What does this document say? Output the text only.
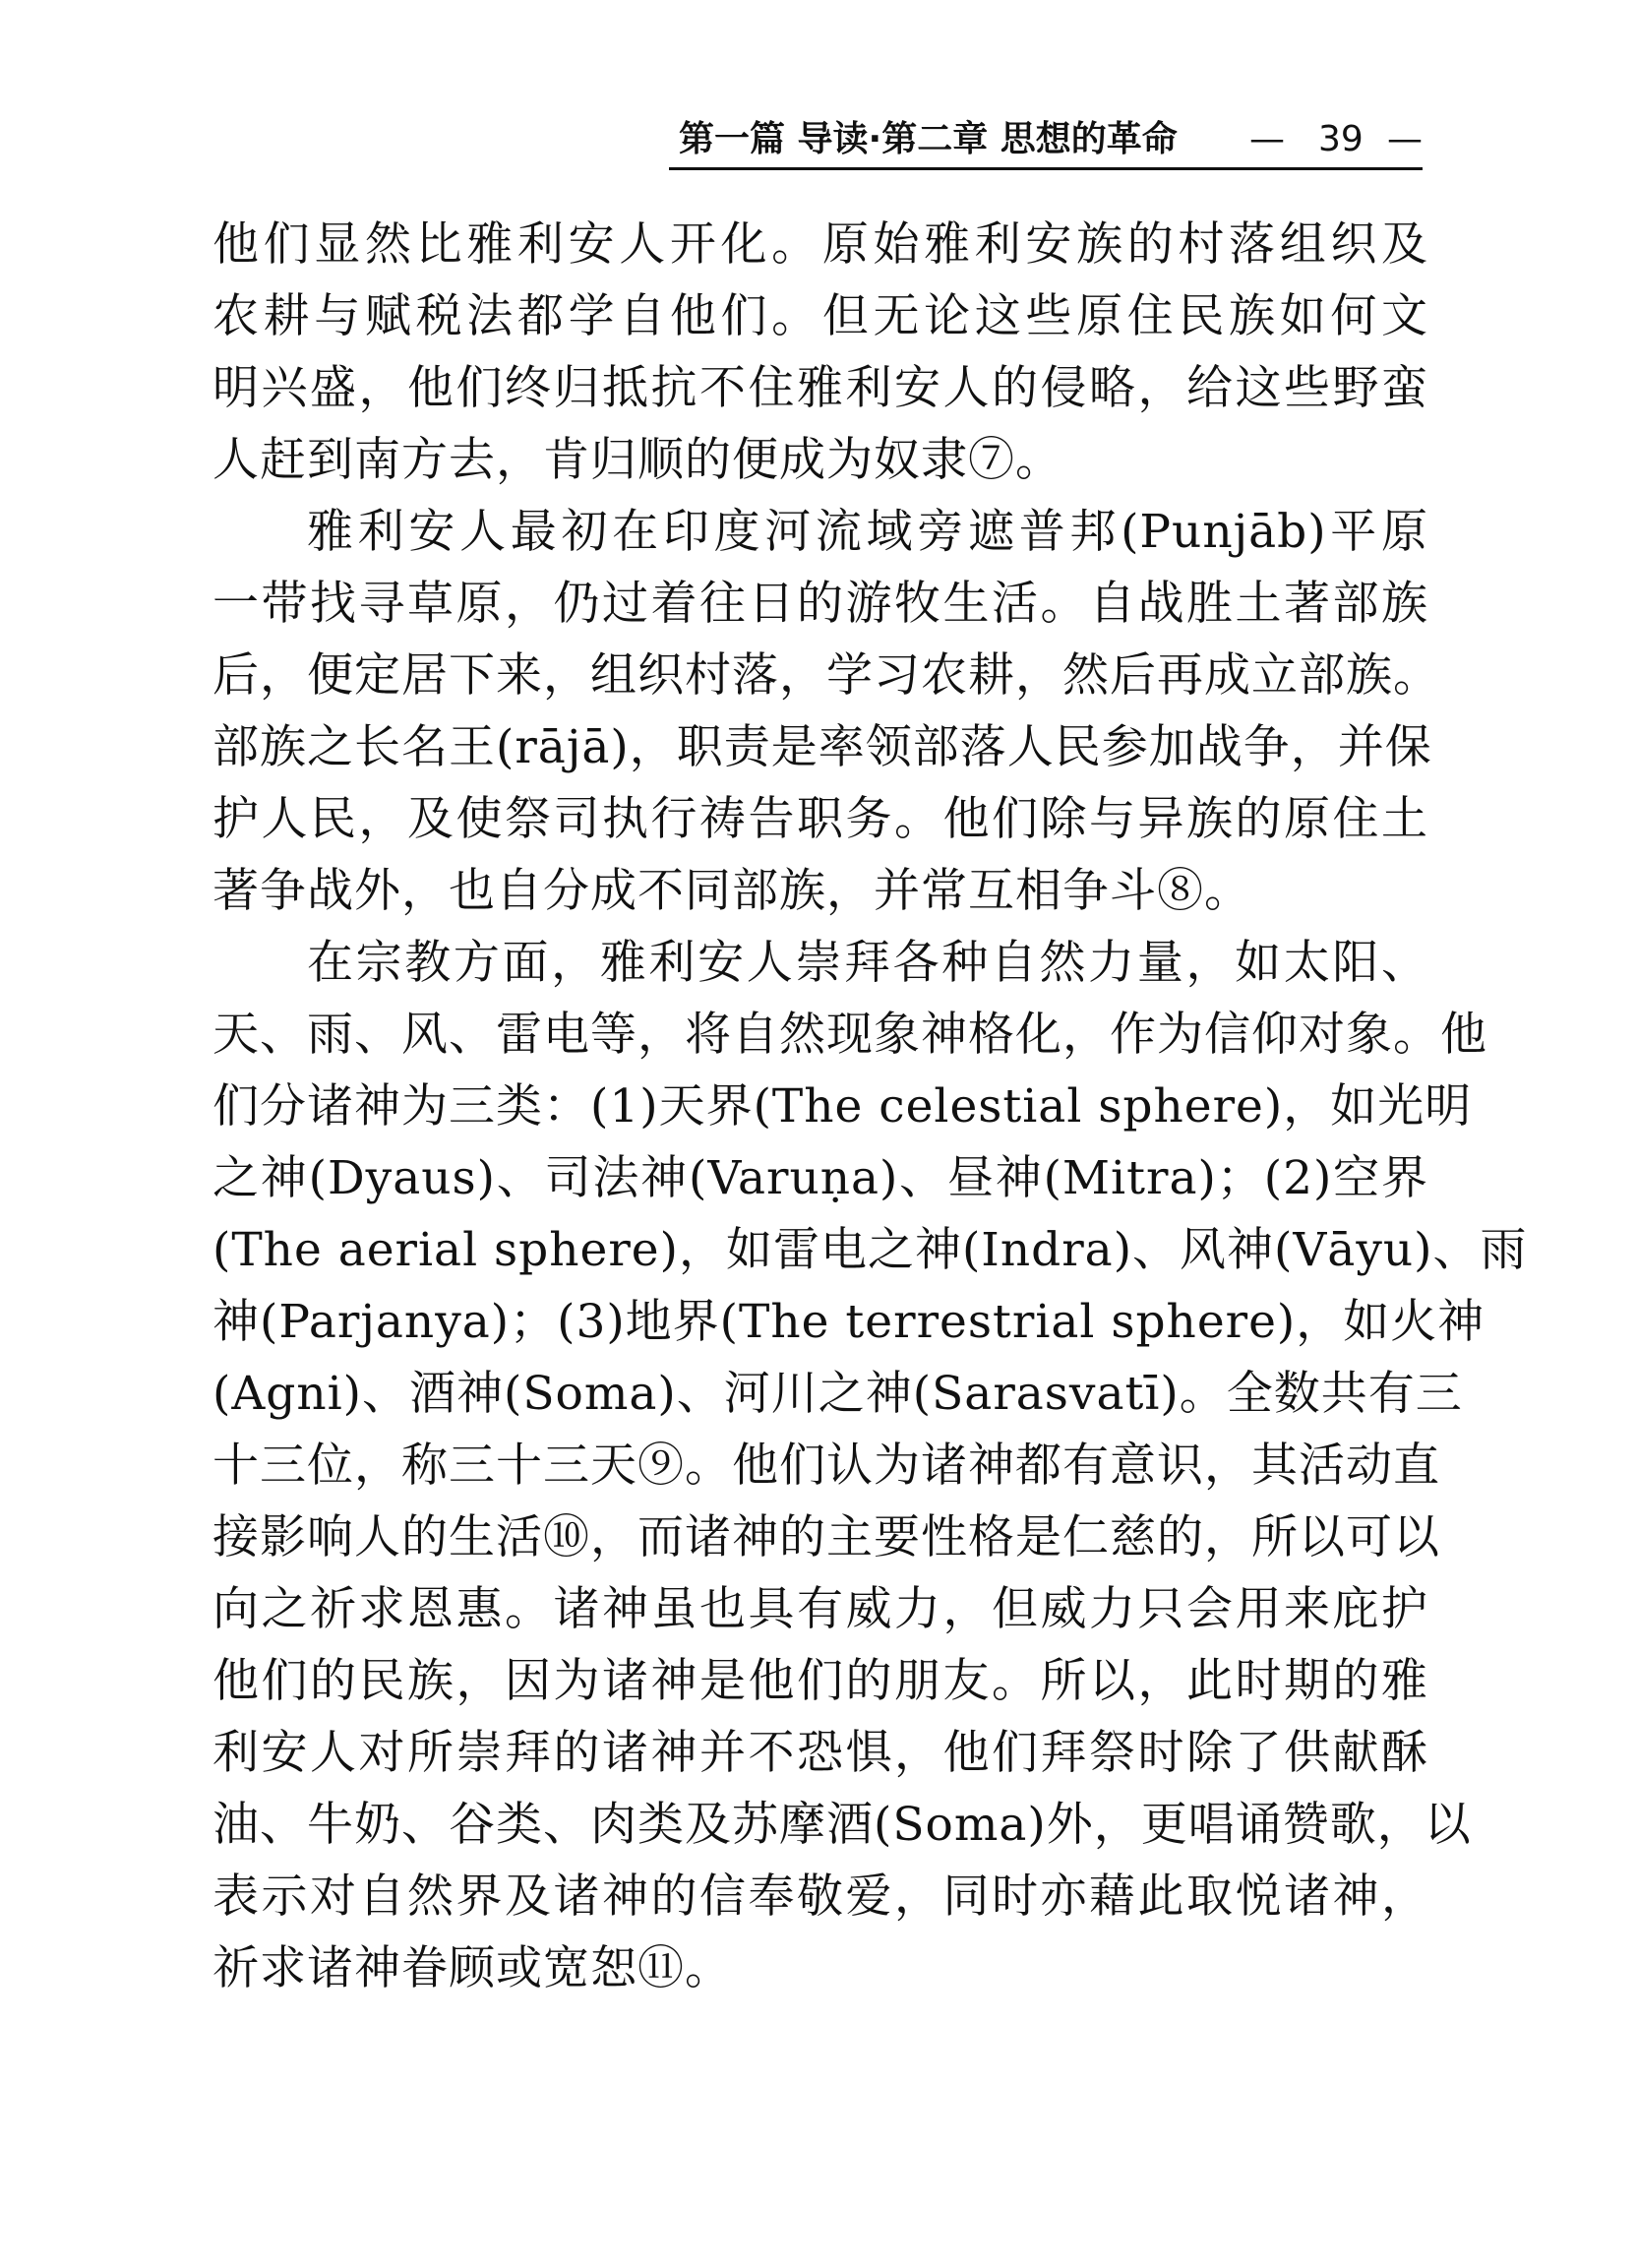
第一篇 导读·第二章 思想的革命 — 39 —
他们显然比雅利安人开化。原始雅利安族的村落组织及
农耕与赋税法都学自他们。但无论这些原住民族如何文
明兴盛，他们终归抵抗不住雅利安人的侵略，给这些野蛮
人赶到南方去，肯归顺的便成为奴隶⑦。
雅利安人最初在印度河流域旁遮普邦(Punjāb)平原
一带找寻草原，仍过着往日的游牧生活。自战胜土著部族
后，便定居下来，组织村落，学习农耕，然后再成立部族。
部族之长名王(rājā)，职责是率领部落人民参加战争，并保
护人民，及使祭司执行祷告职务。他们除与异族的原住土
著争战外，也自分成不同部族，并常互相争斗⑧。
在宗教方面，雅利安人崇拜各种自然力量，如太阳、
天、雨、风、雷电等，将自然现象神格化，作为信仰对象。他
们分诸神为三类：(1)天界(The celestial sphere)，如光明
之神(Dyaus)、司法神(Varuṇa)、昼神(Mitra)；(2)空界
(The aerial sphere)，如雷电之神(Indra)、风神(Vāyu)、雨
神(Parjanya)；(3)地界(The terrestrial sphere)，如火神
(Agni)、酒神(Soma)、河川之神(Sarasvatī)。全数共有三
十三位，称三十三天⑨。他们认为诸神都有意识，其活动直
接影响人的生活⑩，而诸神的主要性格是仁慈的，所以可以
向之祈求恩惠。诸神虽也具有威力，但威力只会用来庇护
他们的民族，因为诸神是他们的朋友。所以，此时期的雅
利安人对所崇拜的诸神并不恐惧，他们拜祭时除了供献酥
油、牛奶、谷类、肉类及苏摩酒(Soma)外，更唱诵赞歌，以
表示对自然界及诸神的信奉敬爱，同时亦藉此取悦诸神，
祈求诸神眷顾或宽恕⑪。
